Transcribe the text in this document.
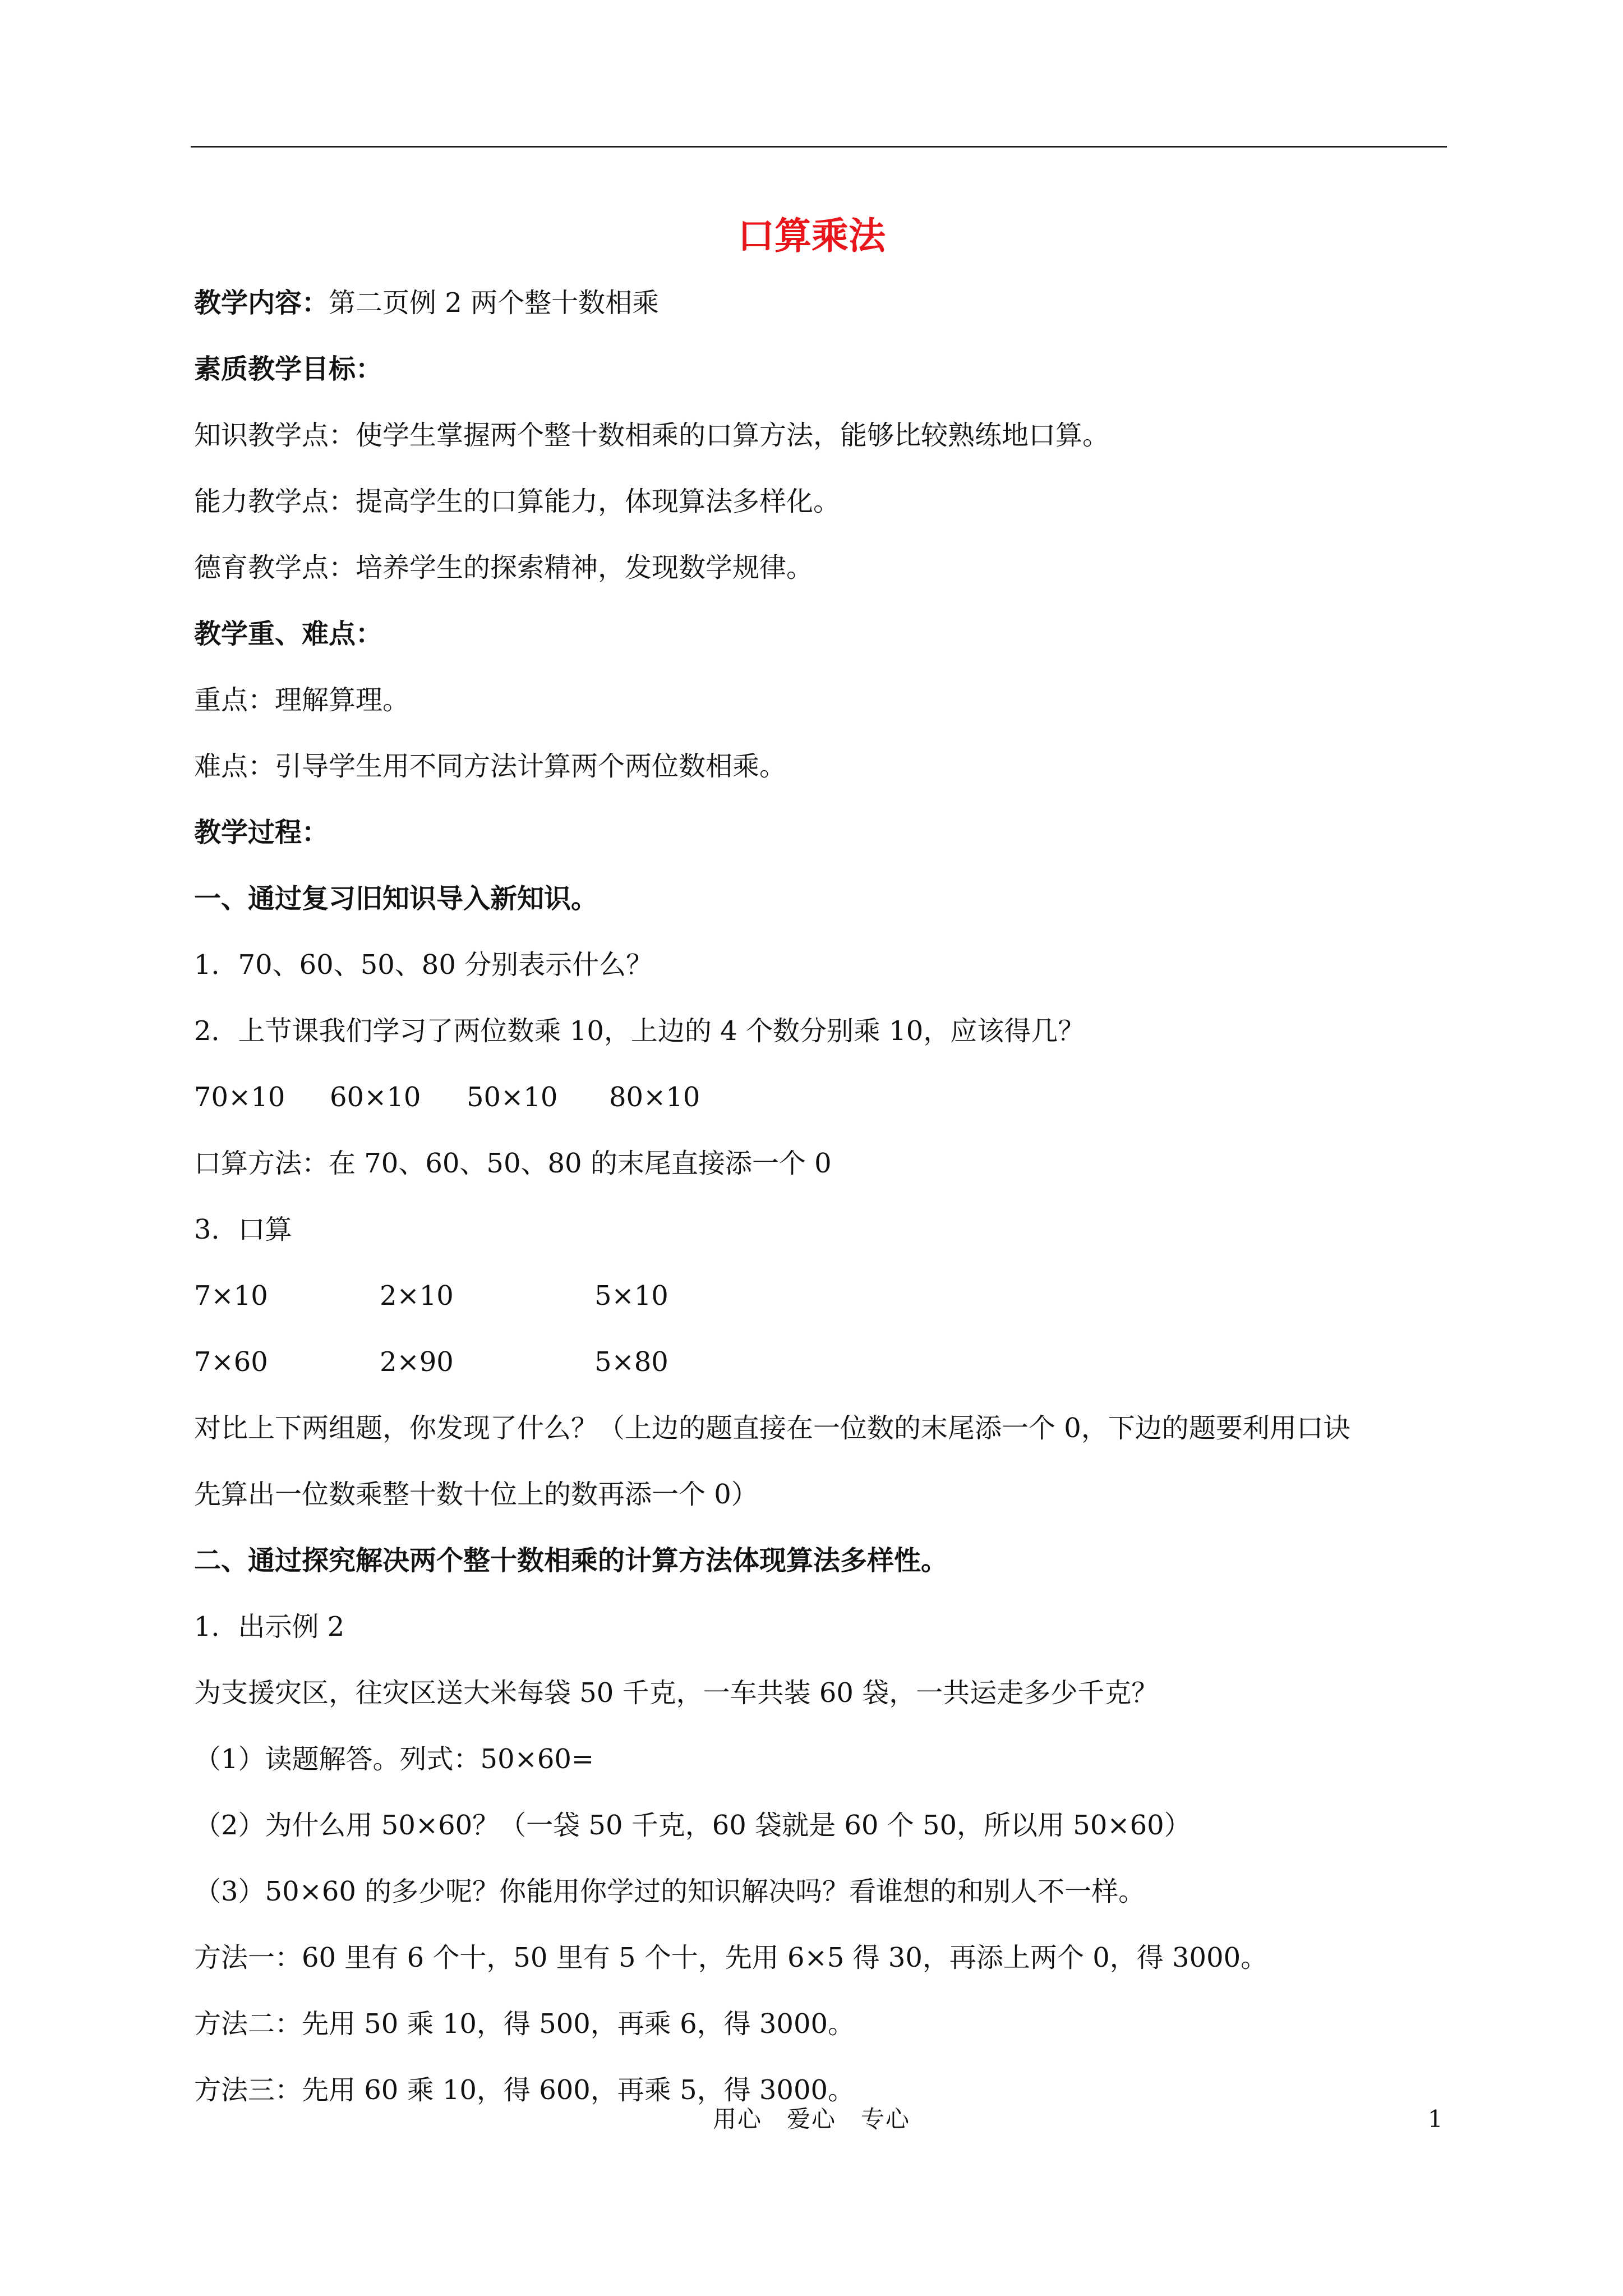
口算乘法
教学内容：第二页例 2 两个整十数相乘
素质教学目标：
知识教学点：使学生掌握两个整十数相乘的口算方法，能够比较熟练地口算。
能力教学点：提高学生的口算能力，体现算法多样化。
德育教学点：培养学生的探索精神，发现数学规律。
教学重、难点：
重点：理解算理。
难点：引导学生用不同方法计算两个两位数相乘。
教学过程：
一、通过复习旧知识导入新知识。
1．70、60、50、80 分别表示什么？
2．上节课我们学习了两位数乘 10，上边的 4 个数分别乘 10，应该得几？
70×10 60×10 50×10 80×10
口算方法：在 70、60、50、80 的末尾直接添一个 0
3．口算
7×10	2×10	5×10
7×60	2×90	5×80
对比上下两组题，你发现了什么？（上边的题直接在一位数的末尾添一个 0，下边的题要利用口诀
先算出一位数乘整十数十位上的数再添一个 0）
二、通过探究解决两个整十数相乘的计算方法体现算法多样性。
1．出示例 2
为支援灾区，往灾区送大米每袋 50 千克，一车共装 60 袋，一共运走多少千克？
（1）读题解答。列式：50×60=
（2）为什么用 50×60？（一袋 50 千克，60 袋就是 60 个 50，所以用 50×60）
（3）50×60 的多少呢？你能用你学过的知识解决吗？看谁想的和别人不一样。
方法一：60 里有 6 个十，50 里有 5 个十，先用 6×5 得 30，再添上两个 0，得 3000。
方法二：先用 50 乘 10，得 500，再乘 6，得 3000。
方法三：先用 60 乘 10，得 600，再乘 5，得 3000。
用心　爱心　专心	1
